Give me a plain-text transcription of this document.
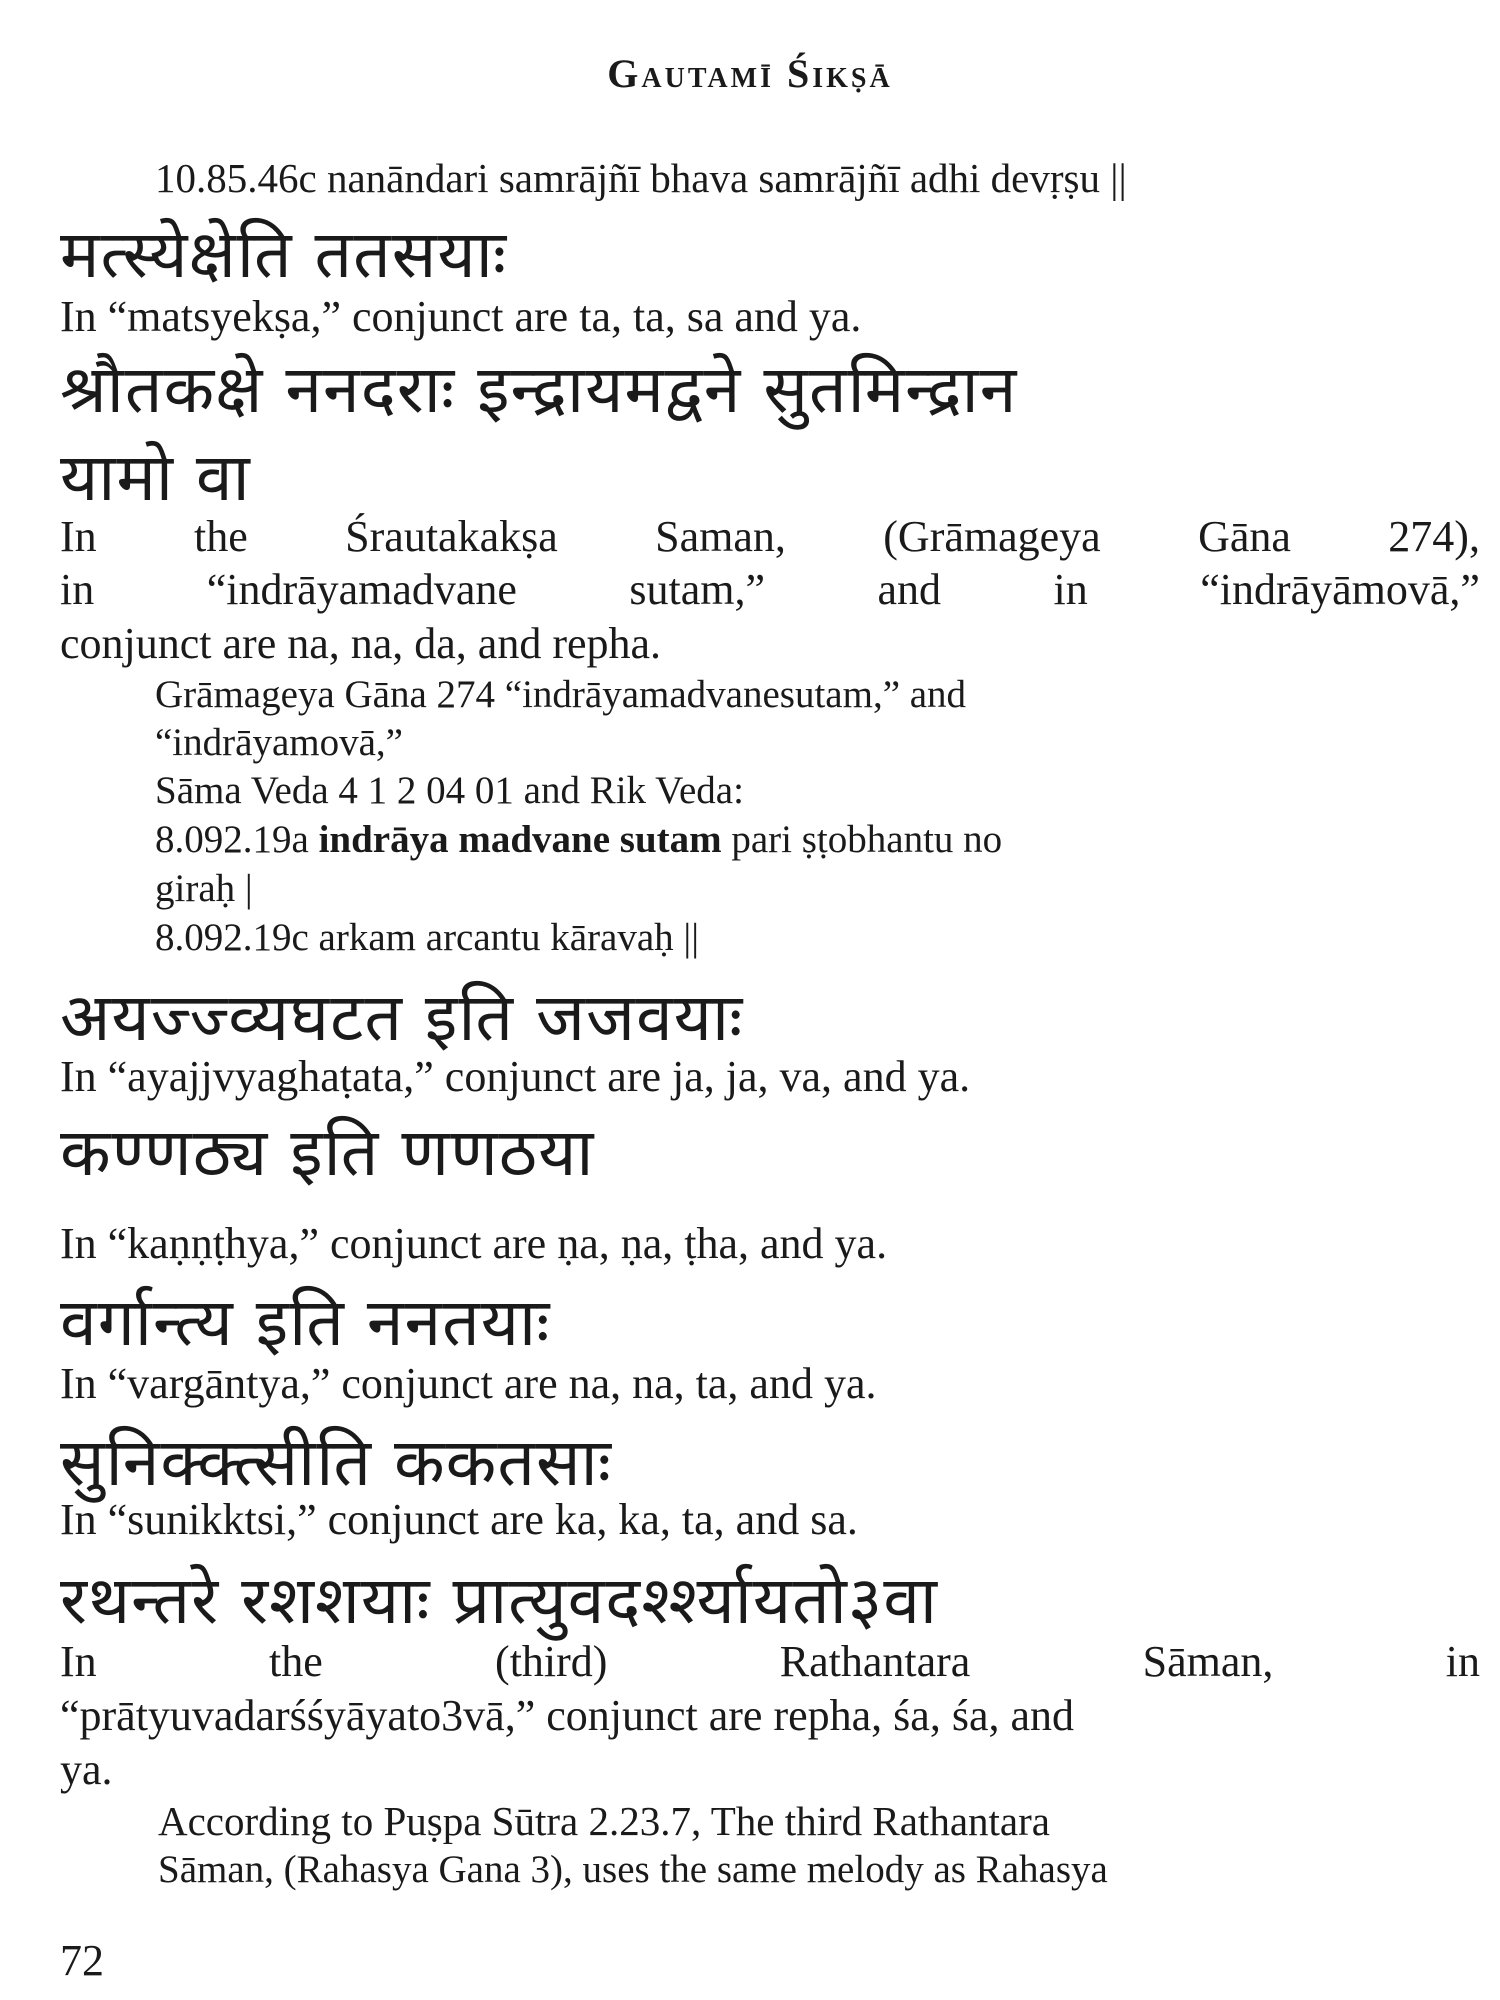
Gautamī Śikṣā
10.85.46c nanāndari samrājñī bhava samrājñī adhi devṛṣu ||
मत्स्येक्षेति ततसयाः
In “matsyekṣa,” conjunct are ta, ta, sa and ya.
श्रौतकक्षे ननदराः इन्द्रायमद्वने सुतमिन्द्रान
यामो वा
In the Śrautakakṣa Saman, (Grāmageya Gāna 274),
in	“indrāyamadvane	sutam,”	and	in	“indrāyāmovā,”
conjunct are na, na, da, and repha.
Grāmageya Gāna 274 “indrāyamadvanesutam,” and
“indrāyamovā,”
Sāma Veda 4 1 2 04 01 and Rik Veda:
8.092.19a indrāya madvane sutam pari ṣṭobhantu no
giraḥ |
8.092.19c arkam arcantu kāravaḥ ||
अयज्ज्व्यघटत इति जजवयाः
In “ayajjvyaghaṭata,” conjunct are ja, ja, va, and ya.
कण्णठ्य इति णणठया
In “kaṇṇṭhya,” conjunct are ṇa, ṇa, ṭha, and ya.
वर्गान्त्य इति ननतयाः
In “vargāntya,” conjunct are na, na, ta, and ya.
सुनिक्क्त्सीति ककतसाः
In “sunikktsi,” conjunct are ka, ka, ta, and sa.
रथन्तरे रशशयाः प्रात्युवदर्श्श्यायतो३वा
In	the	(third)	Rathantara	Sāman,	in
“prātyuvadarśśyāyato3vā,” conjunct are repha, śa, śa, and
ya.
According to Puṣpa Sūtra 2.23.7, The third Rathantara
Sāman, (Rahasya Gana 3), uses the same melody as Rahasya
72
